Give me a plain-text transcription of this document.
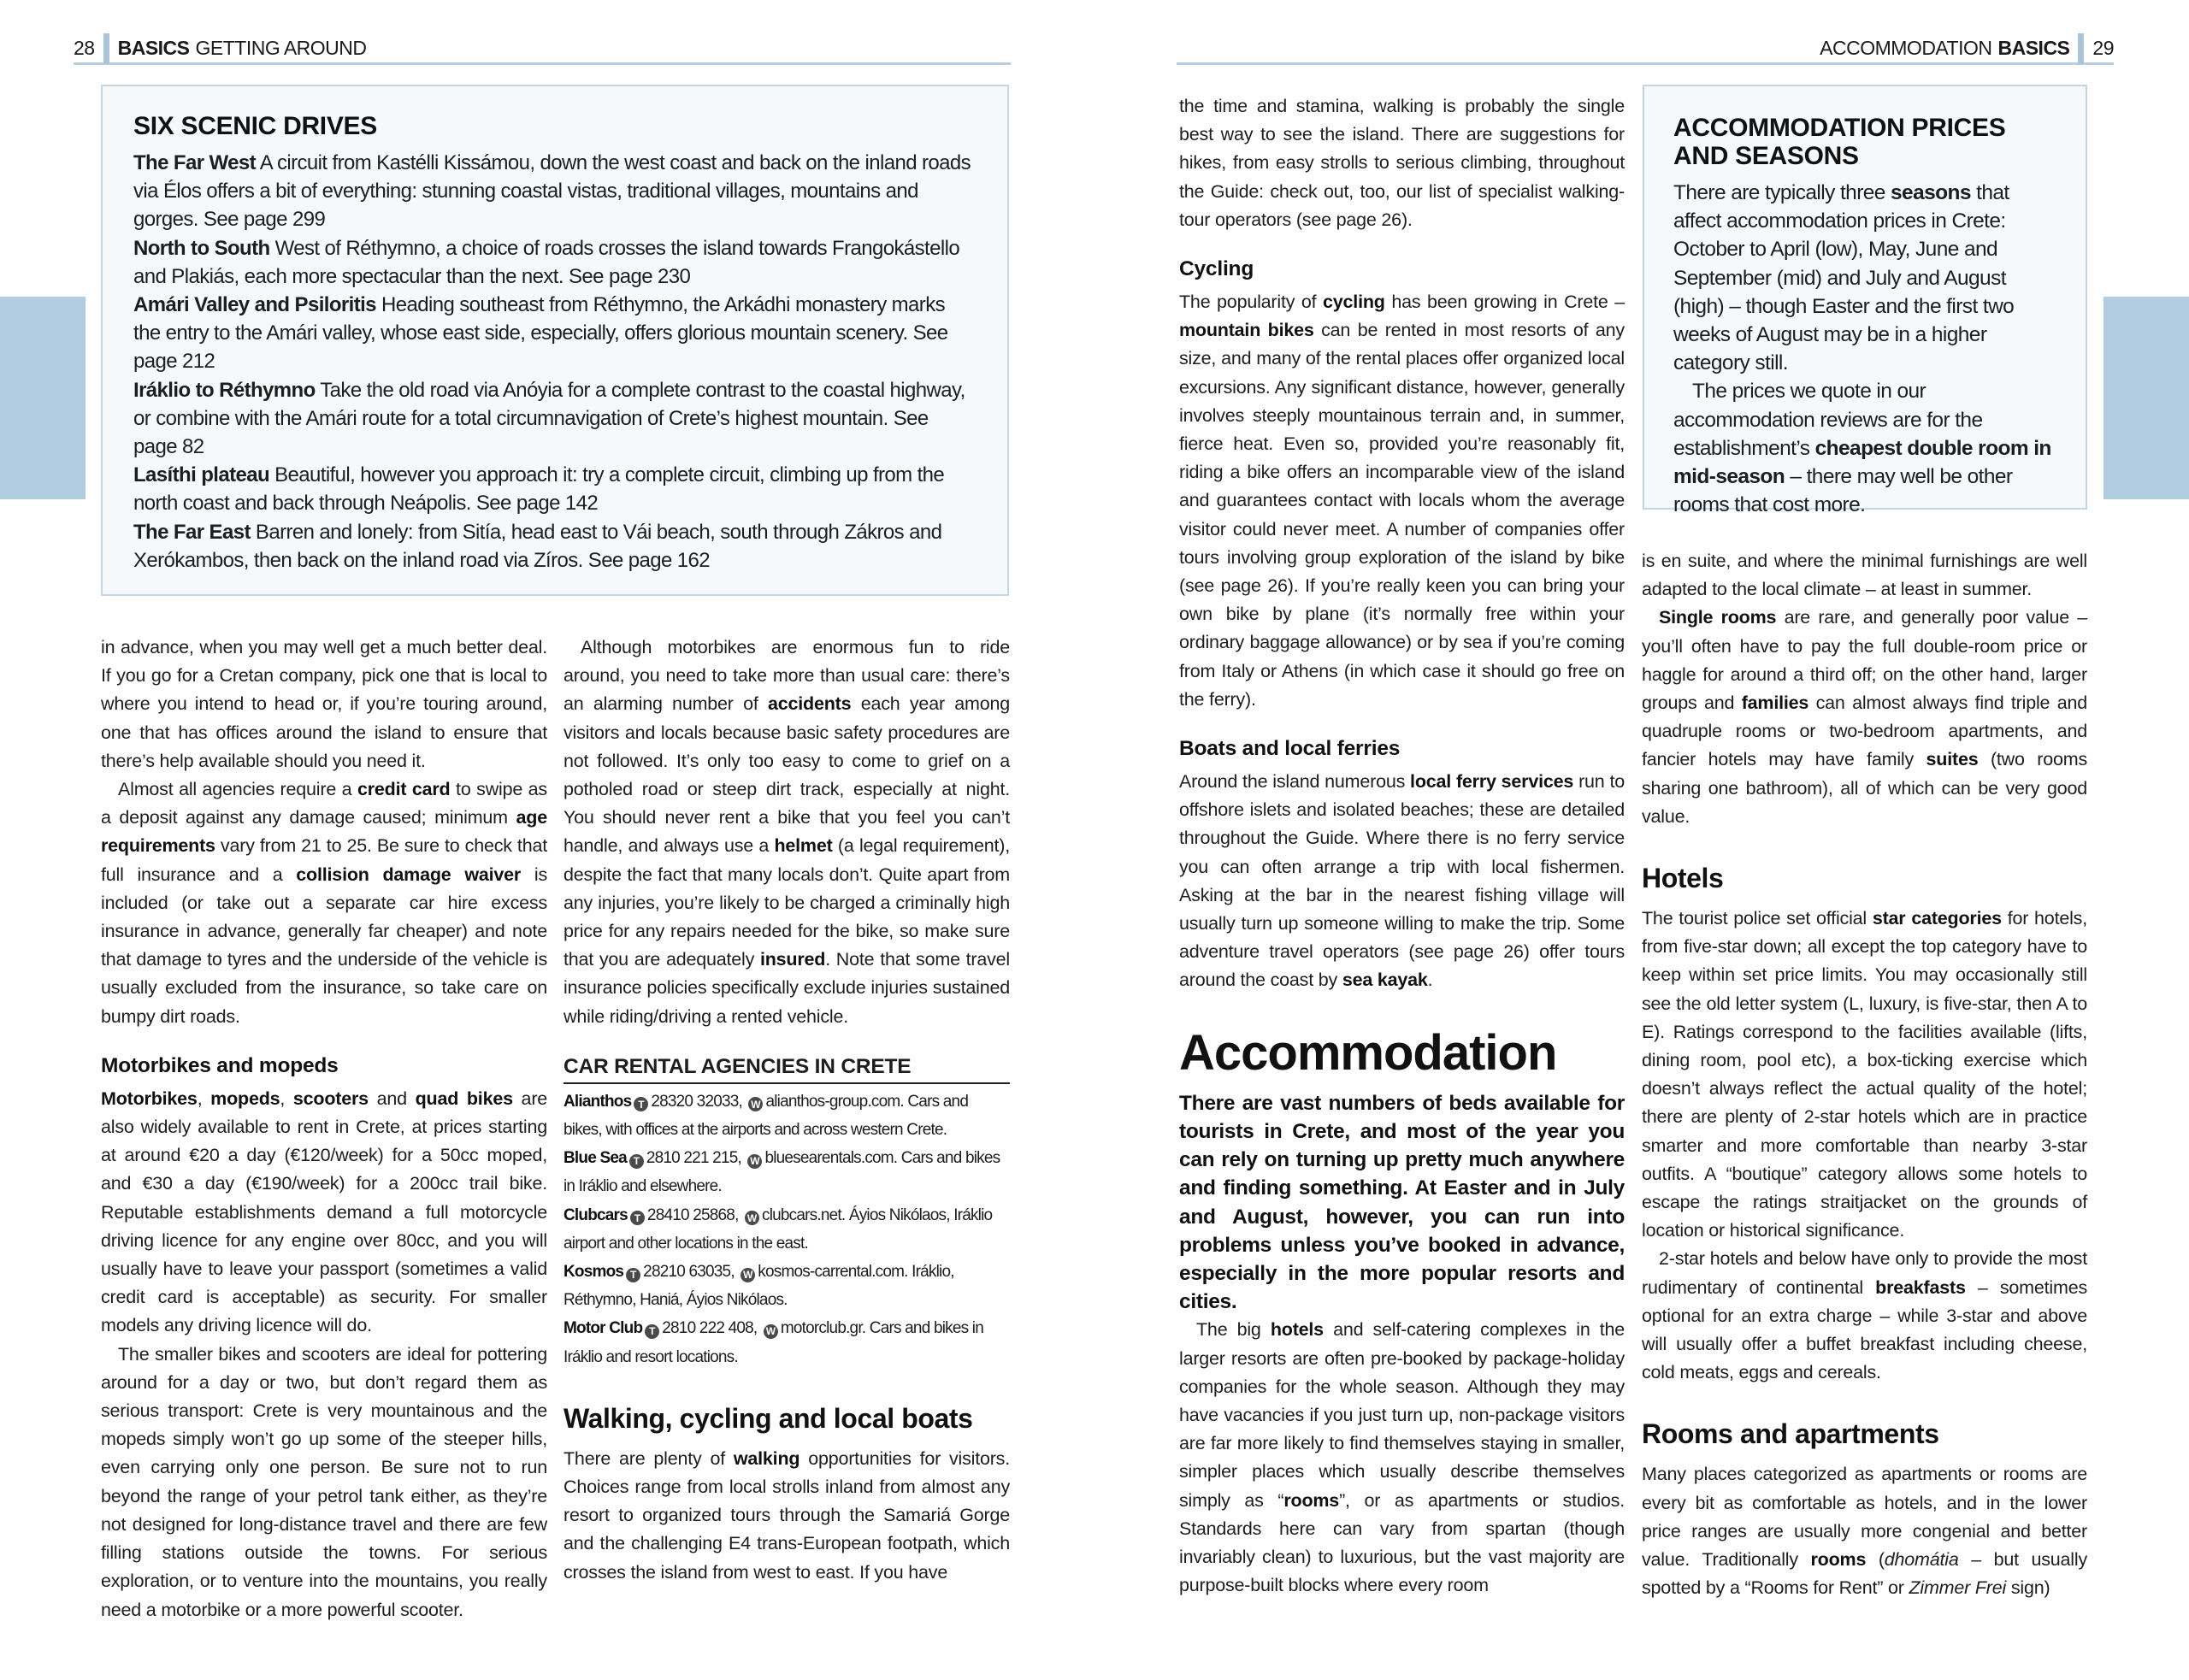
28 BASICS GETTING AROUND
SIX SCENIC DRIVES
The Far West A circuit from Kastélli Kissámou, down the west coast and back on the inland roads via Élos offers a bit of everything: stunning coastal vistas, traditional villages, mountains and gorges. See page 299
North to South West of Réthymno, a choice of roads crosses the island towards Frangokástello and Plakiás, each more spectacular than the next. See page 230
Amári Valley and Psiloritis Heading southeast from Réthymno, the Arkádhi monastery marks the entry to the Amári valley, whose east side, especially, offers glorious mountain scenery. See page 212
Iráklio to Réthymno Take the old road via Anóyia for a complete contrast to the coastal highway, or combine with the Amári route for a total circumnavigation of Crete’s highest mountain. See page 82
Lasíthi plateau Beautiful, however you approach it: try a complete circuit, climbing up from the north coast and back through Neápolis. See page 142
The Far East Barren and lonely: from Sitía, head east to Vái beach, south through Zákros and Xerókambos, then back on the inland road via Zíros. See page 162

in advance, when you may well get a much better deal. If you go for a Cretan company, pick one that is local to where you intend to head or, if you’re touring around, one that has offices around the island to ensure that there’s help available should you need it.

Almost all agencies require a credit card to swipe as a deposit against any damage caused; minimum age requirements vary from 21 to 25. Be sure to check that full insurance and a collision damage waiver is included (or take out a separate car hire excess insurance in advance, generally far cheaper) and note that damage to tyres and the underside of the vehicle is usually excluded from the insurance, so take care on bumpy dirt roads.

Motorbikes and mopeds

Motorbikes, mopeds, scooters and quad bikes are also widely available to rent in Crete, at prices starting at around €20 a day (€120/week) for a 50cc moped, and €30 a day (€190/week) for a 200cc trail bike. Reputable establishments demand a full motorcycle driving licence for any engine over 80cc, and you will usually have to leave your passport (sometimes a valid credit card is acceptable) as security. For smaller models any driving licence will do.

The smaller bikes and scooters are ideal for pottering around for a day or two, but don’t regard them as serious transport: Crete is very mountainous and the mopeds simply won’t go up some of the steeper hills, even carrying only one person. Be sure not to run beyond the range of your petrol tank either, as they’re not designed for long-distance travel and there are few filling stations outside the towns. For serious exploration, or to venture into the mountains, you really need a motorbike or a more powerful scooter.

Although motorbikes are enormous fun to ride around, you need to take more than usual care: there’s an alarming number of accidents each year among visitors and locals because basic safety procedures are not followed. It’s only too easy to come to grief on a potholed road or steep dirt track, especially at night. You should never rent a bike that you feel you can’t handle, and always use a helmet (a legal requirement), despite the fact that many locals don’t. Quite apart from any injuries, you’re likely to be charged a criminally high price for any repairs needed for the bike, so make sure that you are adequately insured. Note that some travel insurance policies specifically exclude injuries sustained while riding/driving a rented vehicle.

CAR RENTAL AGENCIES IN CRETE
Alianthos T 28320 32033, W alianthos-group.com. Cars and bikes, with offices at the airports and across western Crete.
Blue Sea T 2810 221 215, W bluesearentals.com. Cars and bikes in Iráklio and elsewhere.
Clubcars T 28410 25868, W clubcars.net. Áyios Nikólaos, Iráklio airport and other locations in the east.
Kosmos T 28210 63035, W kosmos-carrental.com. Iráklio, Réthymno, Haniá, Áyios Nikólaos.
Motor Club T 2810 222 408, W motorclub.gr. Cars and bikes in Iráklio and resort locations.
Walking, cycling and local boats

There are plenty of walking opportunities for visitors. Choices range from local strolls inland from almost any resort to organized tours through the Samariá Gorge and the challenging E4 trans-European footpath, which crosses the island from west to east. If you have

ACCOMMODATION BASICS 29

the time and stamina, walking is probably the single best way to see the island. There are suggestions for hikes, from easy strolls to serious climbing, throughout the Guide: check out, too, our list of specialist walking-tour operators (see page 26).

Cycling

The popularity of cycling has been growing in Crete – mountain bikes can be rented in most resorts of any size, and many of the rental places offer organized local excursions. Any significant distance, however, generally involves steeply mountainous terrain and, in summer, fierce heat. Even so, provided you’re reasonably fit, riding a bike offers an incomparable view of the island and guarantees contact with locals whom the average visitor could never meet. A number of companies offer tours involving group exploration of the island by bike (see page 26). If you’re really keen you can bring your own bike by plane (it’s normally free within your ordinary baggage allowance) or by sea if you’re coming from Italy or Athens (in which case it should go free on the ferry).

Boats and local ferries

Around the island numerous local ferry services run to offshore islets and isolated beaches; these are detailed throughout the Guide. Where there is no ferry service you can often arrange a trip with local fishermen. Asking at the bar in the nearest fishing village will usually turn up someone willing to make the trip. Some adventure travel operators (see page 26) offer tours around the coast by sea kayak.

Accommodation

There are vast numbers of beds available for tourists in Crete, and most of the year you can rely on turning up pretty much anywhere and finding something. At Easter and in July and August, however, you can run into problems unless you’ve booked in advance, especially in the more popular resorts and cities.

The big hotels and self-catering complexes in the larger resorts are often pre-booked by package-holiday companies for the whole season. Although they may have vacancies if you just turn up, non-package visitors are far more likely to find themselves staying in smaller, simpler places which usually describe themselves simply as “rooms”, or as apartments or studios. Standards here can vary from spartan (though invariably clean) to luxurious, but the vast majority are purpose-built blocks where every room

ACCOMMODATION PRICES AND SEASONS

There are typically three seasons that affect accommodation prices in Crete: October to April (low), May, June and September (mid) and July and August (high) – though Easter and the first two weeks of August may be in a higher category still.

The prices we quote in our accommodation reviews are for the establishment’s cheapest double room in mid-season – there may well be other rooms that cost more.

is en suite, and where the minimal furnishings are well adapted to the local climate – at least in summer.

Single rooms are rare, and generally poor value – you’ll often have to pay the full double-room price or haggle for around a third off; on the other hand, larger groups and families can almost always find triple and quadruple rooms or two-bedroom apartments, and fancier hotels may have family suites (two rooms sharing one bathroom), all of which can be very good value.

Hotels

The tourist police set official star categories for hotels, from five-star down; all except the top category have to keep within set price limits. You may occasionally still see the old letter system (L, luxury, is five-star, then A to E). Ratings correspond to the facilities available (lifts, dining room, pool etc), a box-ticking exercise which doesn’t always reflect the actual quality of the hotel; there are plenty of 2-star hotels which are in practice smarter and more comfortable than nearby 3-star outfits. A “boutique” category allows some hotels to escape the ratings straitjacket on the grounds of location or historical significance.

2-star hotels and below have only to provide the most rudimentary of continental breakfasts – sometimes optional for an extra charge – while 3-star and above will usually offer a buffet breakfast including cheese, cold meats, eggs and cereals.

Rooms and apartments

Many places categorized as apartments or rooms are every bit as comfortable as hotels, and in the lower price ranges are usually more congenial and better value. Traditionally rooms (dhomátia – but usually spotted by a “Rooms for Rent” or Zimmer Frei sign)
